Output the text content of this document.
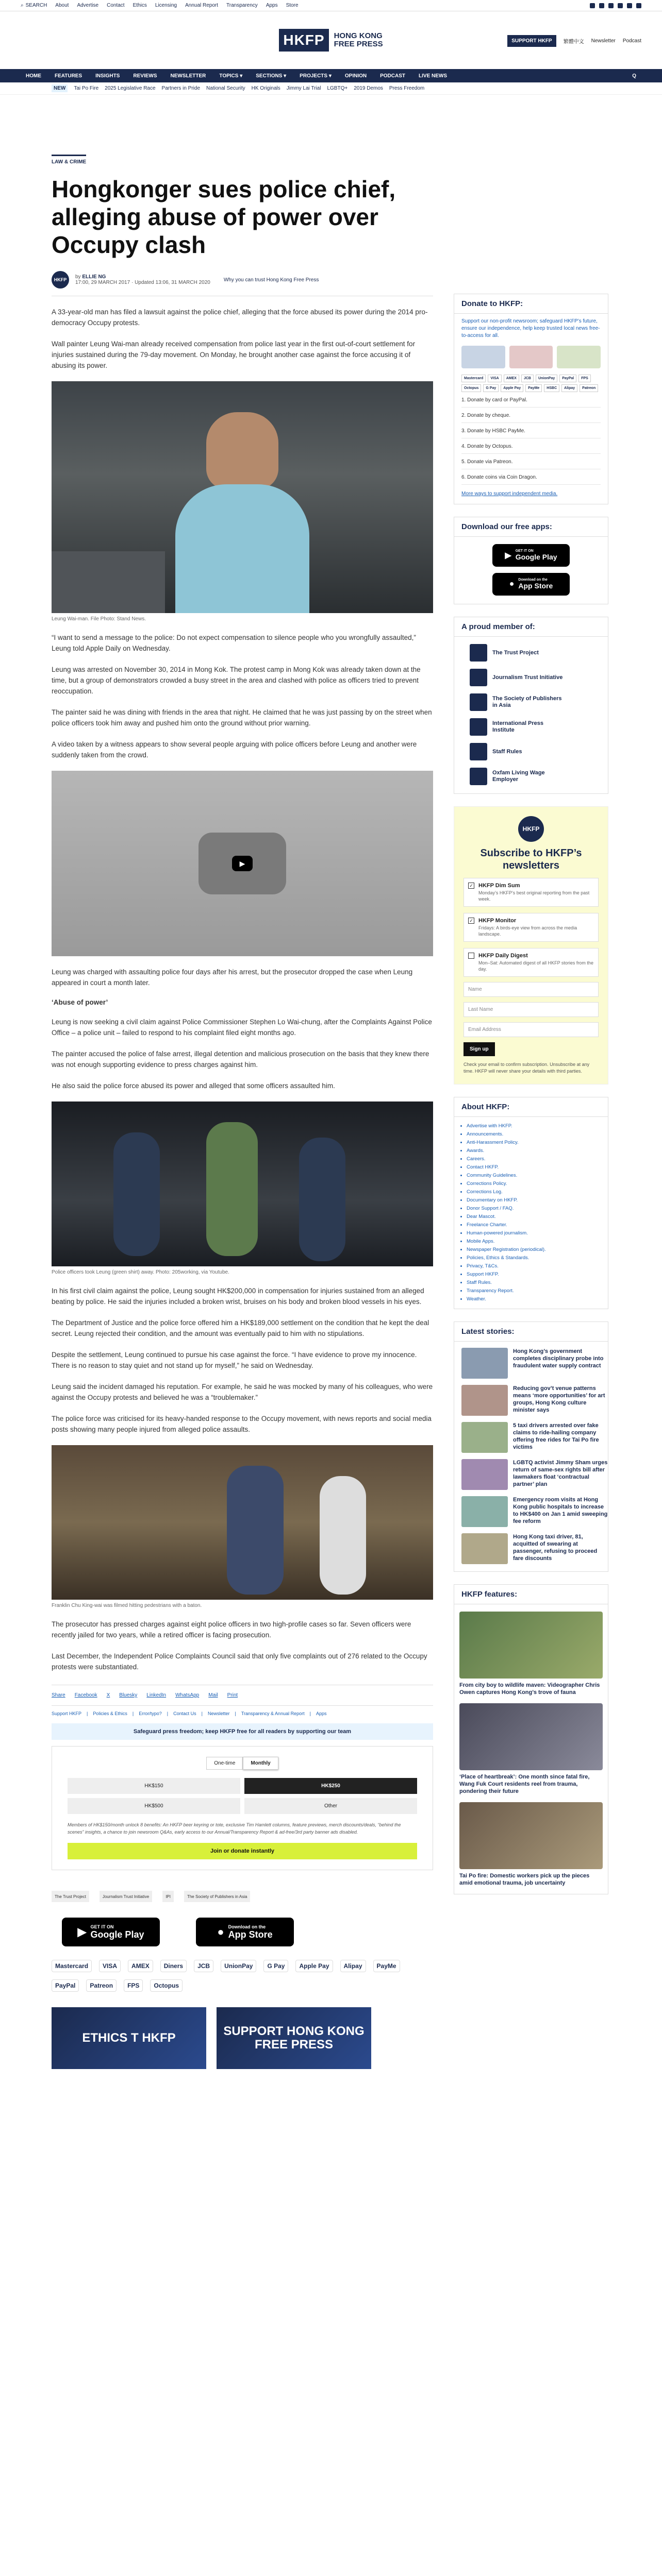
⌕ SEARCH About Advertise Contact Ethics Licensing Annual Report Transparency Apps Store
HKFP	HONG KONG
FREE PRESS	SUPPORT HKFP	繁體中文 Newsletter Podcast
HOME	FEATURES	INSIGHTS	REVIEWS	NEWSLETTER	TOPICS ▾	SECTIONS ▾	PROJECTS ▾	OPINION	PODCAST	LIVE NEWS	Q
NEW	Tai Po Fire 2025 Legislative Race Partners in Pride National Security HK Originals Jimmy Lai Trial LGBTQ+ 2019 Demos Press Freedom
LAW & CRIME
Hongkonger sues police chief, alleging abuse of power over Occupy clash
HKFP	by ELLIE NG
17:00, 29 MARCH 2017 · Updated 13:06, 31 MARCH 2020	Why you can trust Hong Kong Free Press

A 33-year-old man has filed a lawsuit against the police chief, alleging that the force abused its power during the 2014 pro-democracy Occupy protests.

Wall painter Leung Wai-man already received compensation from police last year in the first out-of-court settlement for injuries sustained during the 79-day movement. On Monday, he brought another case against the force accusing it of abusing its power.

Leung Wai-man. File Photo: Stand News.

“I want to send a message to the police: Do not expect compensation to silence people who you wrongfully assaulted,” Leung told Apple Daily on Wednesday.

Leung was arrested on November 30, 2014 in Mong Kok. The protest camp in Mong Kok was already taken down at the time, but a group of demonstrators crowded a busy street in the area and clashed with police as officers tried to prevent reoccupation.

The painter said he was dining with friends in the area that night. He claimed that he was just passing by on the street when police officers took him away and pushed him onto the ground without prior warning.

A video taken by a witness appears to show several people arguing with police officers before Leung and another were suddenly taken from the crowd.

▶

Leung was charged with assaulting police four days after his arrest, but the prosecutor dropped the case when Leung appeared in court a month later.

‘Abuse of power’

Leung is now seeking a civil claim against Police Commissioner Stephen Lo Wai-chung, after the Complaints Against Police Office – a police unit – failed to respond to his complaint filed eight months ago.

The painter accused the police of false arrest, illegal detention and malicious prosecution on the basis that they knew there was not enough supporting evidence to press charges against him.

He also said the police force abused its power and alleged that some officers assaulted him.

Police officers took Leung (green shirt) away. Photo: 205working, via Youtube.

In his first civil claim against the police, Leung sought HK$200,000 in compensation for injuries sustained from an alleged beating by police. He said the injuries included a broken wrist, bruises on his body and broken blood vessels in his eyes.

The Department of Justice and the police force offered him a HK$189,000 settlement on the condition that he kept the deal secret. Leung rejected their condition, and the amount was eventually paid to him with no stipulations.

Despite the settlement, Leung continued to pursue his case against the force. “I have evidence to prove my innocence. There is no reason to stay quiet and not stand up for myself,” he said on Wednesday.

Leung said the incident damaged his reputation. For example, he said he was mocked by many of his colleagues, who were against the Occupy protests and believed he was a “troublemaker.”

The police force was criticised for its heavy-handed response to the Occupy movement, with news reports and social media posts showing many people injured from alleged police assaults.

Franklin Chu King-wai was filmed hitting pedestrians with a baton.

The prosecutor has pressed charges against eight police officers in two high-profile cases so far. Seven officers were recently jailed for two years, while a retired officer is facing prosecution.

Last December, the Independent Police Complaints Council said that only five complaints out of 276 related to the Occupy protests were substantiated.

Share Facebook X Bluesky LinkedIn WhatsApp Mail Print
Support HKFP | Policies & Ethics | Error/typo? | Contact Us | Newsletter | Transparency & Annual Report | Apps
Safeguard press freedom; keep HKFP free for all readers by supporting our team
One-time	Monthly
HK$150	HK$250
HK$500	Other
Members of HK$150/month unlock 8 benefits: An HKFP beer keyring or tote, exclusive Tim Hamlett columns, feature previews, merch discounts/deals, “behind the scenes” insights, a chance to join newsroom Q&As, early access to our Annual/Transparency Report & ad-free/3rd party banner ads disabled.
Join or donate instantly
The Trust Project	Journalism Trust Initiative	IPI	The Society of Publishers in Asia
▶ GET IT ON
Google Play	● Download on the
App Store
Mastercard	VISA	AMEX	Diners	JCB	UnionPay	G Pay	Apple Pay	Alipay	PayMe
PayPal	Patreon	FPS	Octopus
ETHICS T HKFP	SUPPORT HONG KONG FREE PRESS
Donate to HKFP:
Support our non-profit newsroom; safeguard HKFP’s future, ensure our independence, help keep trusted local news free-to-access for all.
Mastercard	VISA	AMEX	JCB	UnionPay	PayPal	FPS
Octopus	G Pay	Apple Pay	PayMe	HSBC	Alipay	Patreon
1. Donate by card or PayPal.
2. Donate by cheque.
3. Donate by HSBC PayMe.
4. Donate by Octopus.
5. Donate via Patreon.
6. Donate coins via Coin Dragon.
More ways to support independent media.
Download our free apps:
▶
GET IT ON
Google Play
● Download on the
App Store
A proud member of:
The Trust Project
Journalism Trust Initiative
The Society of Publishers in Asia
International Press Institute
Staff Rules
Oxfam Living Wage Employer
HKFP
Subscribe to HKFP’s newsletters
✓ HKFP Dim Sum
Monday’s HKFP’s best original reporting from the past week.
✓ HKFP Monitor
Fridays: A birds-eye view from across the media landscape.
HKFP Daily Digest
Mon–Sat: Automated digest of all HKFP stories from the day.
Name
Last Name
Email Address
Sign up
Check your email to confirm subscription. Unsubscribe at any time. HKFP will never share your details with third parties.
About HKFP:
• Advertise with HKFP.
• Announcements.
• Anti-Harassment Policy.
• Awards.
• Careers.
• Contact HKFP.
• Community Guidelines.
• Corrections Policy.
• Corrections Log.
• Documentary on HKFP.
• Donor Support / FAQ.
• Dear Mascot.
• Freelance Charter.
• Human-powered journalism.
• Mobile Apps.
• Newspaper Registration (periodical).
• Policies, Ethics & Standards.
• Privacy, T&Cs.
• Support HKFP.
• Staff Rules.
• Transparency Report.
• Weather.
Latest stories:
Hong Kong’s government completes disciplinary probe into fraudulent water supply contract
Reducing gov’t venue patterns means ‘more opportunities’ for art groups, Hong Kong culture minister says
5 taxi drivers arrested over fake claims to ride-hailing company offering free rides for Tai Po fire victims
LGBTQ activist Jimmy Sham urges return of same-sex rights bill after lawmakers float ‘contractual partner’ plan
Emergency room visits at Hong Kong public hospitals to increase to HK$400 on Jan 1 amid sweeping fee reform
Hong Kong taxi driver, 81, acquitted of swearing at passenger, refusing to proceed fare discounts
HKFP features:
From city boy to wildlife maven: Videographer Chris Owen captures Hong Kong’s trove of fauna
‘Place of heartbreak’: One month since fatal fire, Wang Fuk Court residents reel from trauma, pondering their future
Tai Po fire: Domestic workers pick up the pieces amid emotional trauma, job uncertainty
